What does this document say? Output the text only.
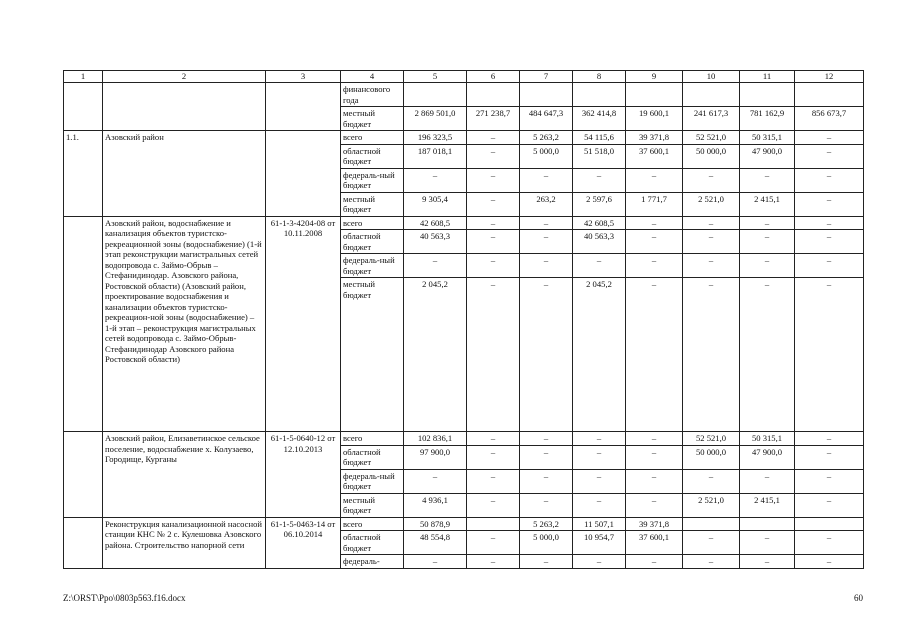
1	2	3	4	5	6	7	8	9	10	11	12
			финансового года								
			местный бюджет	2 869 501,0	271 238,7	484 647,3	362 414,8	19 600,1	241 617,3	781 162,9	856 673,7
1.1.	Азовский район		всего	196 323,5	–	5 263,2	54 115,6	39 371,8	52 521,0	50 315,1	–
			областной бюджет	187 018,1	–	5 000,0	51 518,0	37 600,1	50 000,0	47 900,0	–
			федераль-ный бюджет	–	–	–	–	–	–	–	–
			местный бюджет	9 305,4	–	263,2	2 597,6	1 771,7	2 521,0	2 415,1	–
	Азовский район, водоснабжение и канализация объектов туристско-рекреационной зоны (водоснабжение) (1-й этап реконструкции магистральных сетей водопровода с. Займо-Обрыв – Стефанидинодар. Азовского района, Ростовской области) (Азовский район, проектирование водоснабжения и канализации объектов туристско-рекреацион-ной зоны (водоснабжение) – 1-й этап – реконструкция магистральных сетей водопровода с. Займо-Обрыв-Стефанидинодар Азовского района Ростовской области)	61-1-3-4204-08 от 10.11.2008	всего	42 608,5	–	–	42 608,5	–	–	–	–
			областной бюджет	40 563,3	–	–	40 563,3	–	–	–	–
			федераль-ный бюджет	–	–	–	–	–	–	–	–
			местный бюджет	2 045,2	–	–	2 045,2	–	–	–	–
	Азовский район, Елизаветинское сельское поселение, водоснабжение х. Колузаево, Городище, Курганы	61-1-5-0640-12 от 12.10.2013	всего	102 836,1	–	–	–	–	52 521,0	50 315,1	–
			областной бюджет	97 900,0	–	–	–	–	50 000,0	47 900,0	–
			федераль-ный бюджет	–	–	–	–	–	–	–	–
			местный бюджет	4 936,1	–	–	–	–	2 521,0	2 415,1	–
	Реконструкция канализационной насосной станции КНС № 2 с. Кулешовка Азовского района. Строительство напорной сети	61-1-5-0463-14 от 06.10.2014	всего	50 878,9		5 263,2	11 507,1	39 371,8			
			областной бюджет	48 554,8	–	5 000,0	10 954,7	37 600,1	–	–	–
			федераль-	–	–	–	–	–	–	–	–
Z:\ORST\Ppo\0803p563.f16.docx	60
